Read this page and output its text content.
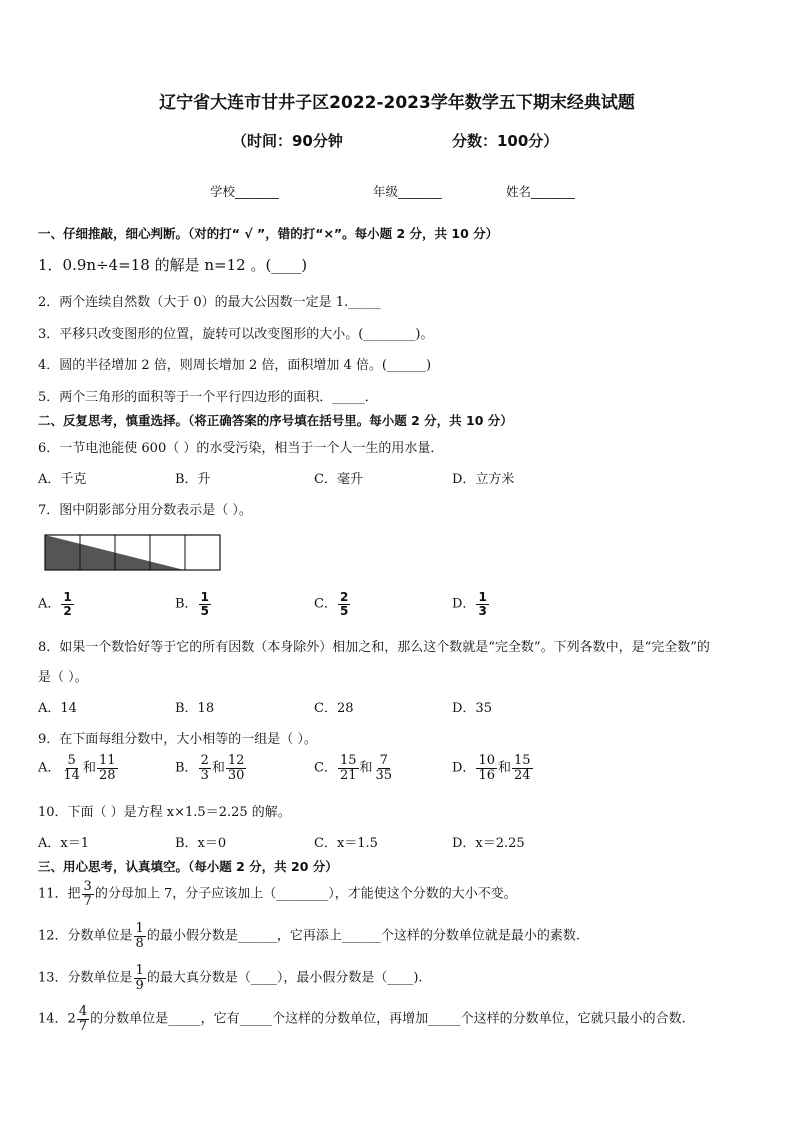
辽宁省大连市甘井子区2022-2023学年数学五下期末经典试题
（时间：90分钟	分数：100分）
学校_______	年级_______	姓名_______
一、仔细推敲，细心判断。（对的打“ √ ”，错的打“×”。每小题 2 分，共 10 分）
1．0.9n÷4=18 的解是 n=12 。(____)
2．两个连续自然数（大于 0）的最大公因数一定是 1._____
3．平移只改变图形的位置，旋转可以改变图形的大小。(________)。
4．圆的半径增加 2 倍，则周长增加 2 倍，面积增加 4 倍。(______)
5．两个三角形的面积等于一个平行四边形的面积．_____．
二、反复思考，慎重选择。（将正确答案的序号填在括号里。每小题 2 分，共 10 分）
6．一节电池能使 600（ ）的水受污染，相当于一个人一生的用水量．
A．千克	B．升	C．毫升	D．立方米
7．图中阴影部分用分数表示是（ ）。
A． $\frac{1}{2}$	B． $\frac{1}{5}$	C． $\frac{2}{5}$	D． $\frac{1}{3}$
8．如果一个数恰好等于它的所有因数（本身除外）相加之和，那么这个数就是“完全数”。下列各数中，是“完全数”的
是（ ）。
A．14	B．18	C．28	D．35
9．在下面每组分数中，大小相等的一组是（ ）。
A． $\frac{5}{14}$ 和 $\frac{11}{28}$	B． $\frac{2}{3}$ 和 $\frac{12}{30}$	C． $\frac{15}{21}$ 和 $\frac{7}{35}$	D． $\frac{10}{16}$ 和 $\frac{15}{24}$
10．下面（ ）是方程 x×1.5＝2.25 的解。
A．x＝1	B．x＝0	C．x＝1.5	D．x＝2.25
三、用心思考，认真填空。（每小题 2 分，共 20 分）
11．把 $\frac{3}{7}$ 的分母加上 7，分子应该加上（________），才能使这个分数的大小不变。
12．分数单位是 $\frac{1}{8}$ 的最小假分数是______，它再添上______个这样的分数单位就是最小的素数.
13．分数单位是 $\frac{1}{9}$ 的最大真分数是（____），最小假分数是（____).
14．$2 \frac{4}{7}$ 的分数单位是_____，它有_____个这样的分数单位，再增加_____个这样的分数单位，它就只最小的合数.
